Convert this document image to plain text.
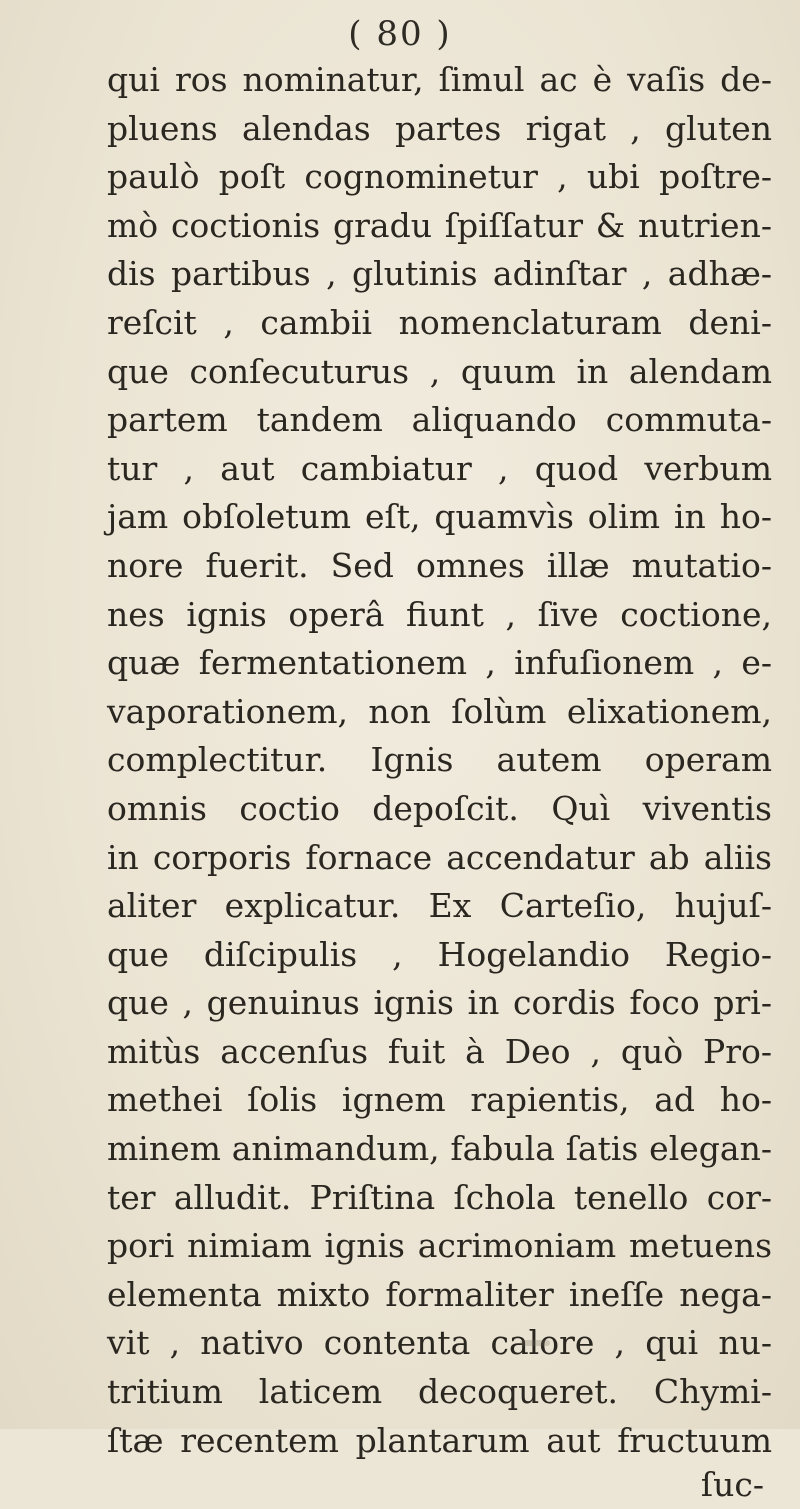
( 80 )
qui ros nominatur, ſimul ac è vaſis de-
pluens alendas partes rigat , gluten
paulò poſt cognominetur , ubi poſtre-
mò coctionis gradu ſpiſſatur & nutrien-
dis partibus , glutinis adinſtar , adhæ-
reſcit , cambii nomenclaturam deni-
que conſecuturus , quum in alendam
partem tandem aliquando commuta-
tur , aut cambiatur , quod verbum
jam obſoletum eſt, quamvìs olim in ho-
nore fuerit. Sed omnes illæ mutatio-
nes ignis operâ fiunt , ſive coctione,
quæ fermentationem , infuſionem , e-
vaporationem, non ſolùm elixationem,
complectitur. Ignis autem operam
omnis coctio depoſcit. Quì viventis
in corporis fornace accendatur ab aliis
aliter explicatur. Ex Carteſio, hujuſ-
que diſcipulis , Hogelandio Regio-
que , genuinus ignis in cordis foco pri-
mitùs accenſus fuit à Deo , quò Pro-
methei ſolis ignem rapientis, ad ho-
minem animandum, fabula ſatis elegan-
ter alludit. Priſtina ſchola tenello cor-
pori nimiam ignis acrimoniam metuens
elementa mixto formaliter ineſſe nega-
vit , nativo contenta calore , qui nu-
tritium laticem decoqueret. Chymi-
ſtæ recentem plantarum aut fructuum
ſuc-
